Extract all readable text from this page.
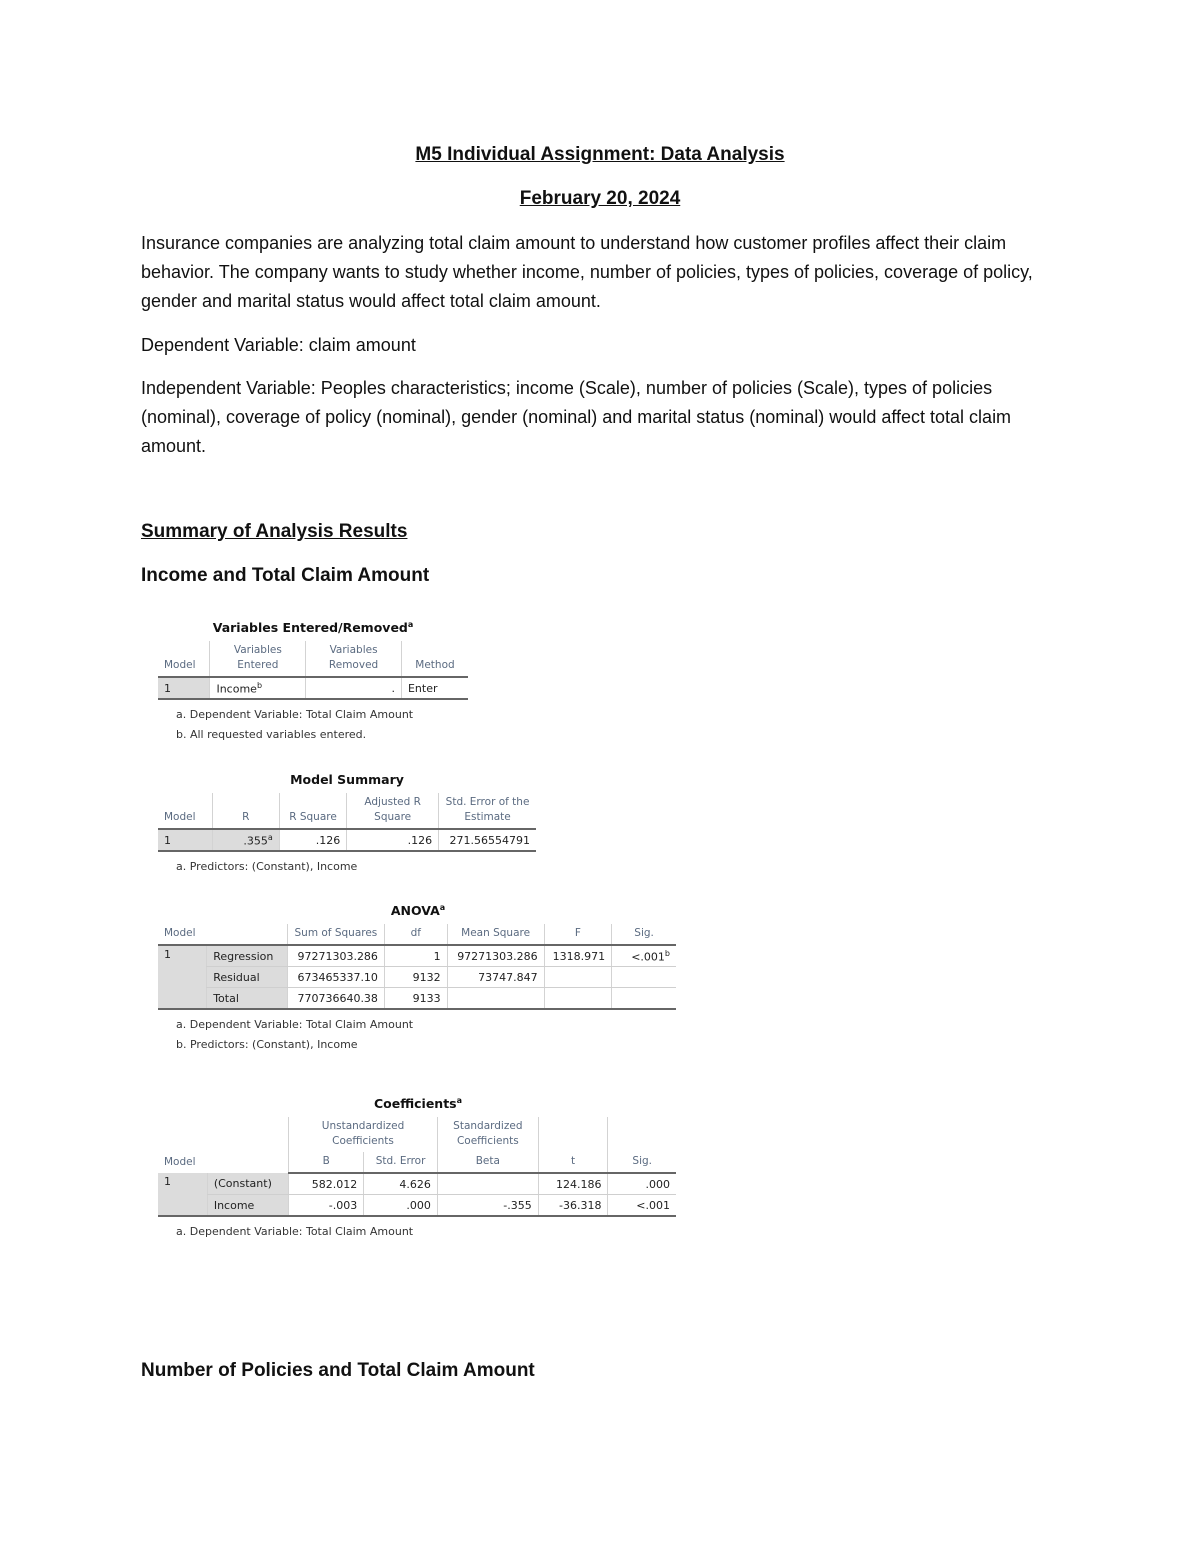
M5 Individual Assignment: Data Analysis
February 20, 2024

Insurance companies are analyzing total claim amount to understand how customer profiles affect their claim behavior. The company wants to study whether income, number of policies, types of policies, coverage of policy, gender and marital status would affect total claim amount.

Dependent Variable: claim amount

Independent Variable: Peoples characteristics; income (Scale), number of policies (Scale), types of policies (nominal), coverage of policy (nominal), gender (nominal) and marital status (nominal) would affect total claim amount.

Summary of Analysis Results
Income and Total Claim Amount
Variables Entered/Removed$^a$
Model	Variables Entered	Variables Removed	Method
1	Income$^b$	.	Enter
a. Dependent Variable: Total Claim Amount
b. All requested variables entered.
Model Summary
Model	R	R Square	Adjusted R Square	Std. Error of the Estimate
1	.355$^a$	.126	.126	271.56554791
a. Predictors: (Constant), Income
ANOVA$^a$
Model		Sum of Squares	df	Mean Square	F	Sig.
1	Regression	97271303.286	1	97271303.286	1318.971	<.001$^b$
	Residual	673465337.10	9132	73747.847		
	Total	770736640.38	9133			
a. Dependent Variable: Total Claim Amount
b. Predictors: (Constant), Income
Coefficients$^a$
Model		Unstandardized Coefficients		Standardized Coefficients	t	Sig.
		B	Std. Error	Beta		
1	(Constant)	582.012	4.626		124.186	.000
	Income	-.003	.000	-.355	-36.318	<.001
a. Dependent Variable: Total Claim Amount
Number of Policies and Total Claim Amount
